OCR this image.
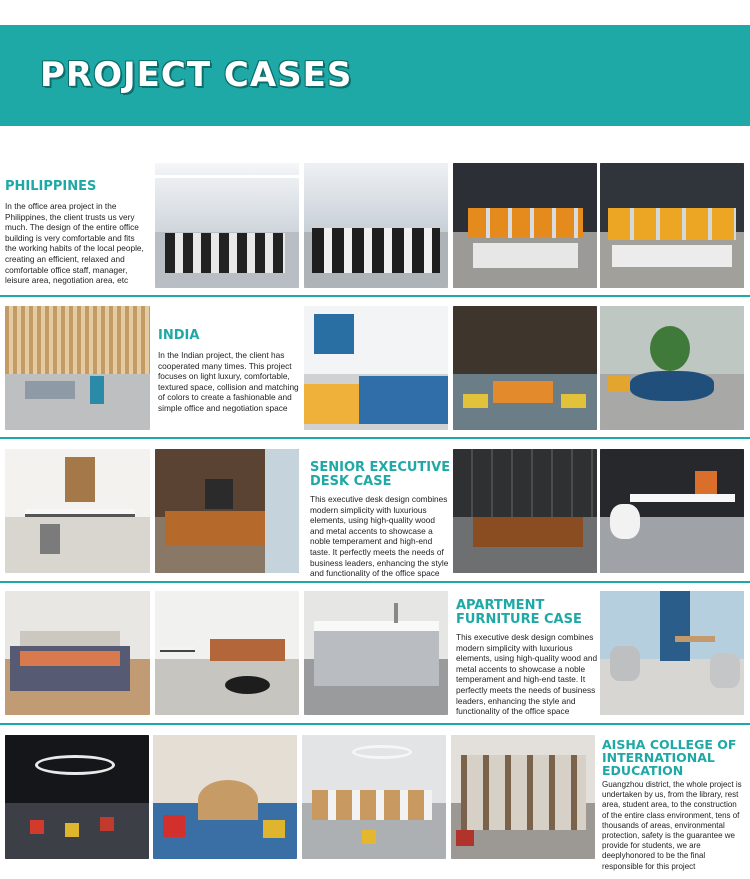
PROJECT CASES
PHILIPPINES
In the office area project in the Philippines, the client trusts us very much. The design of the entire office building is very comfortable and fits the working habits of the local people, creating an efficient, relaxed and comfortable office staff, manager, leisure area, negotiation area, etc
INDIA
In the Indian project, the client has cooperated many times. This project focuses on light luxury, comfortable, textured space, collision and matching of colors to create a fashionable and simple office and negotiation space
SENIOR EXECUTIVE
DESK CASE
This executive desk design combines modern simplicity with luxurious elements, using high-quality wood and metal accents to showcase a noble temperament and high-end taste. It perfectly meets the needs of business leaders, enhancing the style and functionality of the office space
APARTMENT
FURNITURE CASE
This executive desk design combines modern simplicity with luxurious elements, using high-quality wood and metal accents to showcase a noble temperament and high-end taste. It perfectly meets the needs of business leaders, enhancing the style and functionality of the office space
AISHA COLLEGE OF
INTERNATIONAL
EDUCATION
Guangzhou district, the whole project is undertaken by us, from the library, rest area, student area, to the construction of the entire class environment, tens of thousands of areas, environmental protection, safety is the guarantee we provide for students, we are deeplyhonored to be the final responsible for this project
